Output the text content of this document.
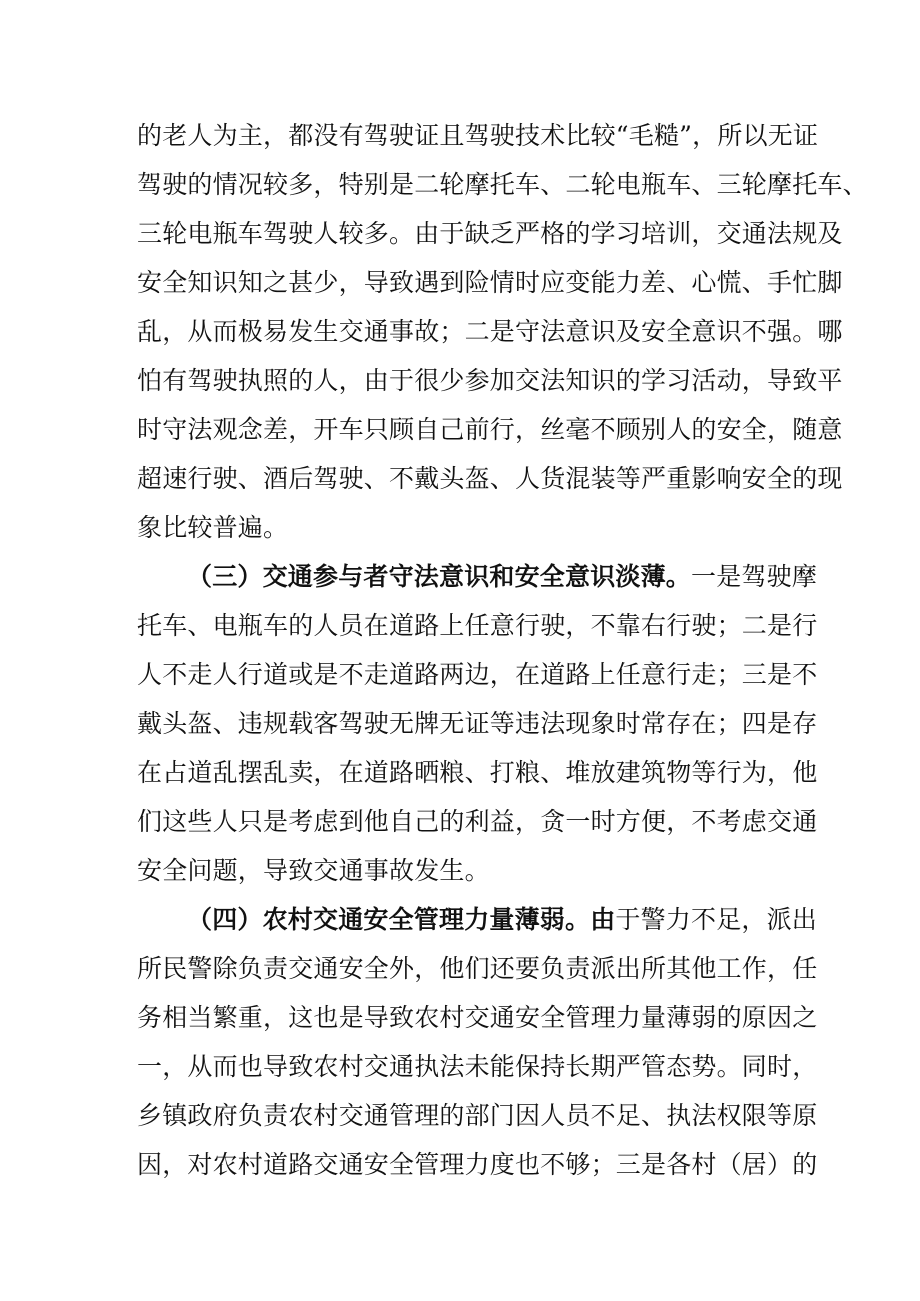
的老人为主，都没有驾驶证且驾驶技术比较“毛糙”，所以无证
驾驶的情况较多，特别是二轮摩托车、二轮电瓶车、三轮摩托车、
三轮电瓶车驾驶人较多。由于缺乏严格的学习培训，交通法规及
安全知识知之甚少，导致遇到险情时应变能力差、心慌、手忙脚
乱，从而极易发生交通事故；二是守法意识及安全意识不强。哪
怕有驾驶执照的人，由于很少参加交法知识的学习活动，导致平
时守法观念差，开车只顾自己前行，丝毫不顾别人的安全，随意
超速行驶、酒后驾驶、不戴头盔、人货混装等严重影响安全的现
象比较普遍。
（三）交通参与者守法意识和安全意识淡薄。一是驾驶摩
托车、电瓶车的人员在道路上任意行驶，不靠右行驶；二是行
人不走人行道或是不走道路两边，在道路上任意行走；三是不
戴头盔、违规载客驾驶无牌无证等违法现象时常存在；四是存
在占道乱摆乱卖，在道路晒粮、打粮、堆放建筑物等行为，他
们这些人只是考虑到他自己的利益，贪一时方便，不考虑交通
安全问题，导致交通事故发生。
（四）农村交通安全管理力量薄弱。由于警力不足，派出
所民警除负责交通安全外，他们还要负责派出所其他工作，任
务相当繁重，这也是导致农村交通安全管理力量薄弱的原因之
一，从而也导致农村交通执法未能保持长期严管态势。同时，
乡镇政府负责农村交通管理的部门因人员不足、执法权限等原
因，对农村道路交通安全管理力度也不够；三是各村（居）的
